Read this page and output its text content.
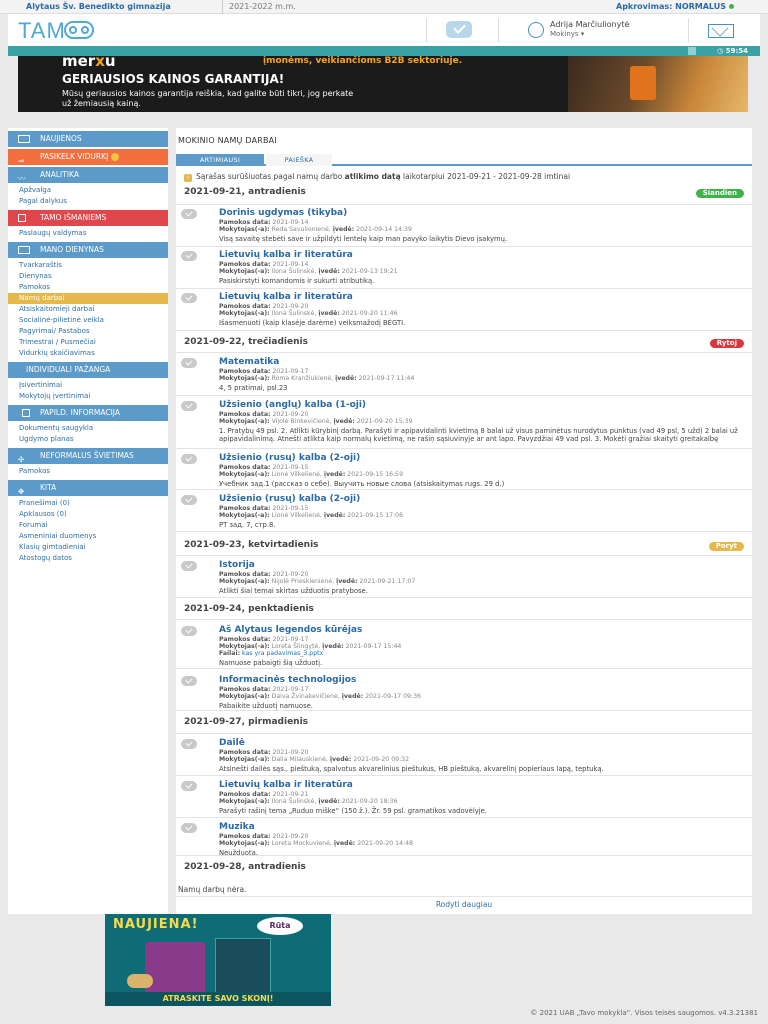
Alytaus Šv. Benedikto gimnazija	2021-2022 m.m.	Apkrovimas: NORMALUS
TAM	Adrija Marčiulionytė
Mokinys ▾
◷ 59:54
merxu	įmonėms, veikiančioms B2B sektoriuje.
GERIAUSIOS KAINOS GARANTIJA!
Mūsų geriausios kainos garantija reiškia, kad galite būti tikri, jog perkate už žemiausią kainą.
NAUJIENOS
⇒	PASIKELK VIDURKĮ
〰	ANALITIKA
Apžvalga
Pagal dalykus
TAMO IŠMANIEMS
Paslaugų valdymas
MANO DIENYNAS
Tvarkaraštis
Dienynas
Pamokos
Namų darbai
Atsiskaitomieji darbai
Socialinė-pilietinė veikla
Pagyrimai/ Pastabos
Trimestrai / Pusmečiai
Vidurkių skaičiavimas
INDIVIDUALI PAŽANGA
Įsivertinimai
Mokytojų įvertinimai
PAPILD. INFORMACIJA
Dokumentų saugykla
Ugdymo planas
✣	NEFORMALUS ŠVIETIMAS
Pamokos
✥	KITA
Pranešimai (0)
Apklausos (0)
Forumai
Asmeniniai duomenys
Klasių gimtadieniai
Atostogų datos
MOKINIO NAMŲ DARBAI
ARTIMIAUSI	PAIEŠKA
i Sąrašas surūšiuotas pagal namų darbo atlikimo datą laikotarpiui 2021-09-21 - 2021-09-28 imtinai
2021-09-21, antradienis	Šiandien
Dorinis ugdymas (tikyba)
Pamokos data: 2021-09-14
Mokytojas(-a): Reda Savulionienė, įvedė: 2021-09-14 14:39
Visą savaitę stebėti save ir užpildyti lentelę kaip man pavyko laikytis Dievo įsakymų.
Lietuvių kalba ir literatūra
Pamokos data: 2021-09-14
Mokytojas(-a): Ilona Šulinskė, įvedė: 2021-09-13 19:21
Pasiskirstyti komandomis ir sukurti atributiką.
Lietuvių kalba ir literatūra
Pamokos data: 2021-09-20
Mokytojas(-a): Ilona Šulinskė, įvedė: 2021-09-20 11:46
Išasmenuoti (kaip klasėje darėme) veiksmažodį BĖGTI.
2021-09-22, trečiadienis	Rytoj
Matematika
Pamokos data: 2021-09-17
Mokytojas(-a): Roma Kranžiukienė, įvedė: 2021-09-17 11:44
4, 5 pratimai, psl.23
Užsienio (anglų) kalba (1-oji)
Pamokos data: 2021-09-20
Mokytojas(-a): Vijolė Binkevičienė, įvedė: 2021-09-20 15:39
1. Pratybų 49 psl. 2. Atlikti kūrybinį darbą. Parašyti ir apipavidalinti kvietimą 8 balai už visus paminėtus nurodytus punktus (vad 49 psl, 5 užd) 2 balai už apipavidalinimą. Atnešti atlikta kaip normalų kvietimą, ne rašiņ sąsiuvinyje ar ant lapo. Pavyzdžiai 49 vad psl. 3. Mokėti gražiai skaityti greitakalbę
Užsienio (rusų) kalba (2-oji)
Pamokos data: 2021-09-15
Mokytojas(-a): Lionė Vilkelienė, įvedė: 2021-09-15 16:59
Учебник зад.1 (рассказ о себе). Выучить новые слова (atsiskaitymas rugs. 29 d.)
Užsienio (rusų) kalba (2-oji)
Pamokos data: 2021-09-15
Mokytojas(-a): Lionė Vilkelienė, įvedė: 2021-09-15 17:06
РТ зад. 7, стр.8.
2021-09-23, ketvirtadienis	Poryt
Istorija
Pamokos data: 2021-09-20
Mokytojas(-a): Nijolė Prieskienienė, įvedė: 2021-09-21 17:07
Atlikti šiai temai skirtas užduotis pratybose.
2021-09-24, penktadienis
Aš Alytaus legendos kūrėjas
Pamokos data: 2021-09-17
Mokytojas(-a): Loreta Šlingytė, įvedė: 2021-09-17 15:44
Failai: kas yra padavimas_3.pptx
Namuose pabaigti šią užduotį.
Informacinės technologijos
Pamokos data: 2021-09-17
Mokytojas(-a): Daiva Žvinakevičienė, įvedė: 2021-09-17 09:36
Pabaikite užduotį namuose.
2021-09-27, pirmadienis
Dailė
Pamokos data: 2021-09-20
Mokytojas(-a): Dalia Milauskienė, įvedė: 2021-09-20 09:32
Atsinešti dailės sąs., pieštuką, spalvotus akvarelinius pieštukus, HB pieštuką, akvarelinį popieriaus lapą, teptuką.
Lietuvių kalba ir literatūra
Pamokos data: 2021-09-21
Mokytojas(-a): Ilona Šulinskė, įvedė: 2021-09-20 18:36
Parašyti rašinį tema „Ruduo miške“ (150 ž.). Žr. 59 psl. gramatikos vadovėlyje.
Muzika
Pamokos data: 2021-09-20
Mokytojas(-a): Loreta Mockuvienė, įvedė: 2021-09-20 14:48
Neužduota.
2021-09-28, antradienis
Namų darbų nėra.
Rodyti daugiau
NAUJIENA!	Rūta
ATRASKITE SAVO SKONĮ!
© 2021 UAB „Tavo mokykla“. Visos teisės saugomos. v4.3.21381
